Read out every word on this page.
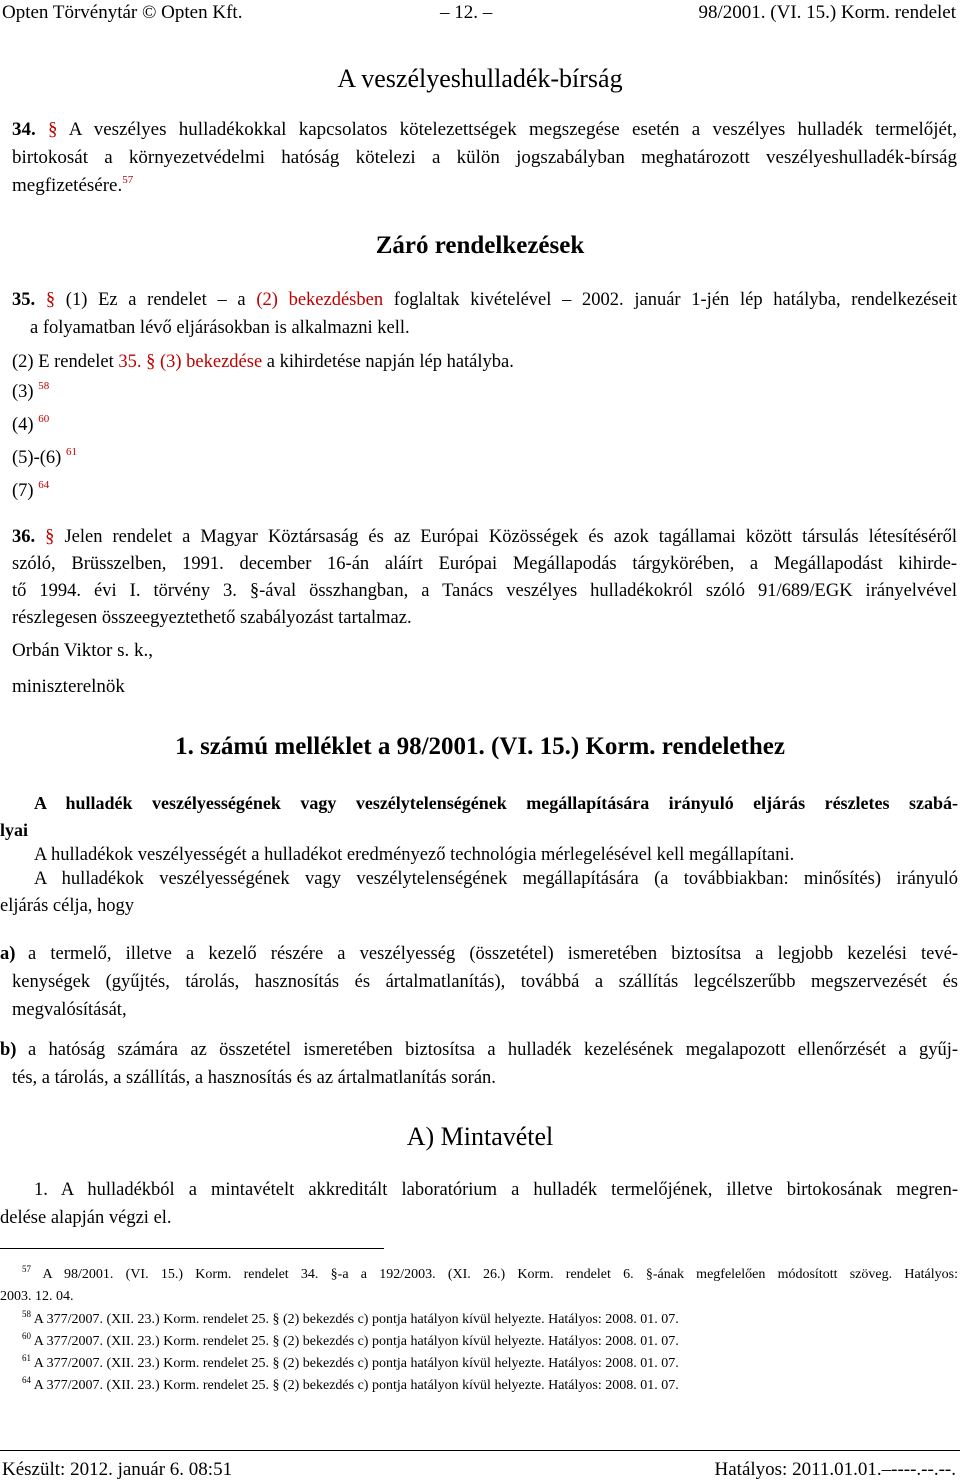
Opten Törvénytár © Opten Kft.	– 12. –	98/2001. (VI. 15.) Korm. rendelet
A veszélyeshulladék-bírság
34. § A veszélyes hulladékokkal kapcsolatos kötelezettségek megszegése esetén a veszélyes hulladék termelőjét,
birtokosát a környezetvédelmi hatóság kötelezi a külön jogszabályban meghatározott veszélyeshulladék-bírság
megfizetésére.$^{57}$
Záró rendelkezések
35. § (1) Ez a rendelet – a (2) bekezdésben foglaltak kivételével – 2002. január 1-jén lép hatályba, rendelkezéseit
a folyamatban lévő eljárásokban is alkalmazni kell.
(2) E rendelet 35. § (3) bekezdése a kihirdetése napján lép hatályba.
(3) $^{58}$
(4) $^{60}$
(5)-(6) $^{61}$
(7) $^{64}$
36. § Jelen rendelet a Magyar Köztársaság és az Európai Közösségek és azok tagállamai között társulás létesítéséről
szóló, Brüsszelben, 1991. december 16-án aláírt Európai Megállapodás tárgykörében, a Megállapodást kihirde-
tő 1994. évi I. törvény 3. §-ával összhangban, a Tanács veszélyes hulladékokról szóló 91/689/EGK irányelvével
részlegesen összeegyeztethető szabályozást tartalmaz.
Orbán Viktor s. k.,
miniszterelnök
1. számú melléklet a 98/2001. (VI. 15.) Korm. rendelethez
A hulladék veszélyességének vagy veszélytelenségének megállapítására irányuló eljárás részletes szabá-
lyai
A hulladékok veszélyességét a hulladékot eredményező technológia mérlegelésével kell megállapítani.
A hulladékok veszélyességének vagy veszélytelenségének megállapítására (a továbbiakban: minősítés) irányuló
eljárás célja, hogy
a) a termelő, illetve a kezelő részére a veszélyesség (összetétel) ismeretében biztosítsa a legjobb kezelési tevé-
kenységek (gyűjtés, tárolás, hasznosítás és ártalmatlanítás), továbbá a szállítás legcélszerűbb megszervezését és
megvalósítását,
b) a hatóság számára az összetétel ismeretében biztosítsa a hulladék kezelésének megalapozott ellenőrzését a gyűj-
tés, a tárolás, a szállítás, a hasznosítás és az ártalmatlanítás során.
A) Mintavétel
1. A hulladékból a mintavételt akkreditált laboratórium a hulladék termelőjének, illetve birtokosának megren-
delése alapján végzi el.
$^{57}$ A 98/2001. (VI. 15.) Korm. rendelet 34. §-a a 192/2003. (XI. 26.) Korm. rendelet 6. §-ának megfelelően módosított szöveg. Hatályos:
2003. 12. 04.
$^{58}$ A 377/2007. (XII. 23.) Korm. rendelet 25. § (2) bekezdés c) pontja hatályon kívül helyezte. Hatályos: 2008. 01. 07.
$^{60}$ A 377/2007. (XII. 23.) Korm. rendelet 25. § (2) bekezdés c) pontja hatályon kívül helyezte. Hatályos: 2008. 01. 07.
$^{61}$ A 377/2007. (XII. 23.) Korm. rendelet 25. § (2) bekezdés c) pontja hatályon kívül helyezte. Hatályos: 2008. 01. 07.
$^{64}$ A 377/2007. (XII. 23.) Korm. rendelet 25. § (2) bekezdés c) pontja hatályon kívül helyezte. Hatályos: 2008. 01. 07.
Készült: 2012. január 6. 08:51	Hatályos: 2011.01.01.–----.--.--.
